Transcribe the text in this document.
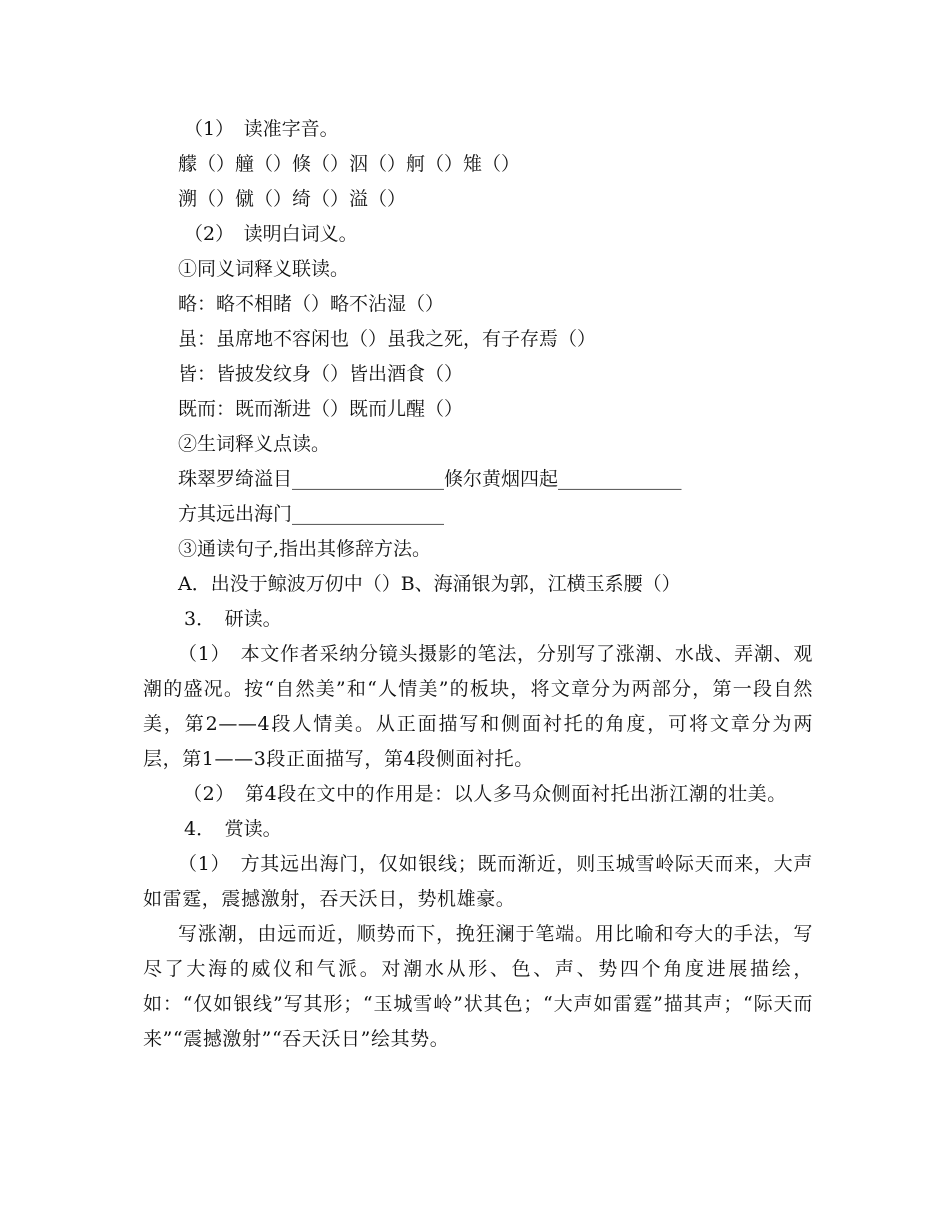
（1）　读准字音。
艨（）艟（）倏（）泅（）舸（）雉（）
溯（）僦（）绮（）溢（）
（2）　读明白词义。
①同义词释义联读。
略：略不相睹（）略不沾湿（）
虽：虽席地不容闲也（）虽我之死，有子存焉（）
皆：皆披发纹身（）皆出酒食（）
既而：既而渐进（）既而儿醒（）
②生词释义点读。
珠翠罗绮溢目________________倏尔黄烟四起_____________
方其远出海门________________
③通读句子,指出其修辞方法。
A．出没于鲸波万仞中（）B、海涌银为郭，江横玉系腰（）
3．　研读。

（1）　本文作者采纳分镜头摄影的笔法，分别写了涨潮、水战、弄潮、观潮的盛况。按“自然美”和“人情美”的板块，将文章分为两部分，第一段自然美，第2——4段人情美。从正面描写和侧面衬托的角度，可将文章分为两层，第1——3段正面描写，第4段侧面衬托。

（2）　第4段在文中的作用是：以人多马众侧面衬托出浙江潮的壮美。

4．　赏读。

（1）　方其远出海门，仅如银线；既而渐近，则玉城雪岭际天而来，大声如雷霆，震撼激射，吞天沃日，势机雄豪。

写涨潮，由远而近，顺势而下，挽狂澜于笔端。用比喻和夸大的手法，写尽了大海的威仪和气派。对潮水从形、色、声、势四个角度进展描绘，如：“仅如银线”写其形；“玉城雪岭”状其色；“大声如雷霆”描其声；“际天而来”“震撼激射”“吞天沃日”绘其势。
